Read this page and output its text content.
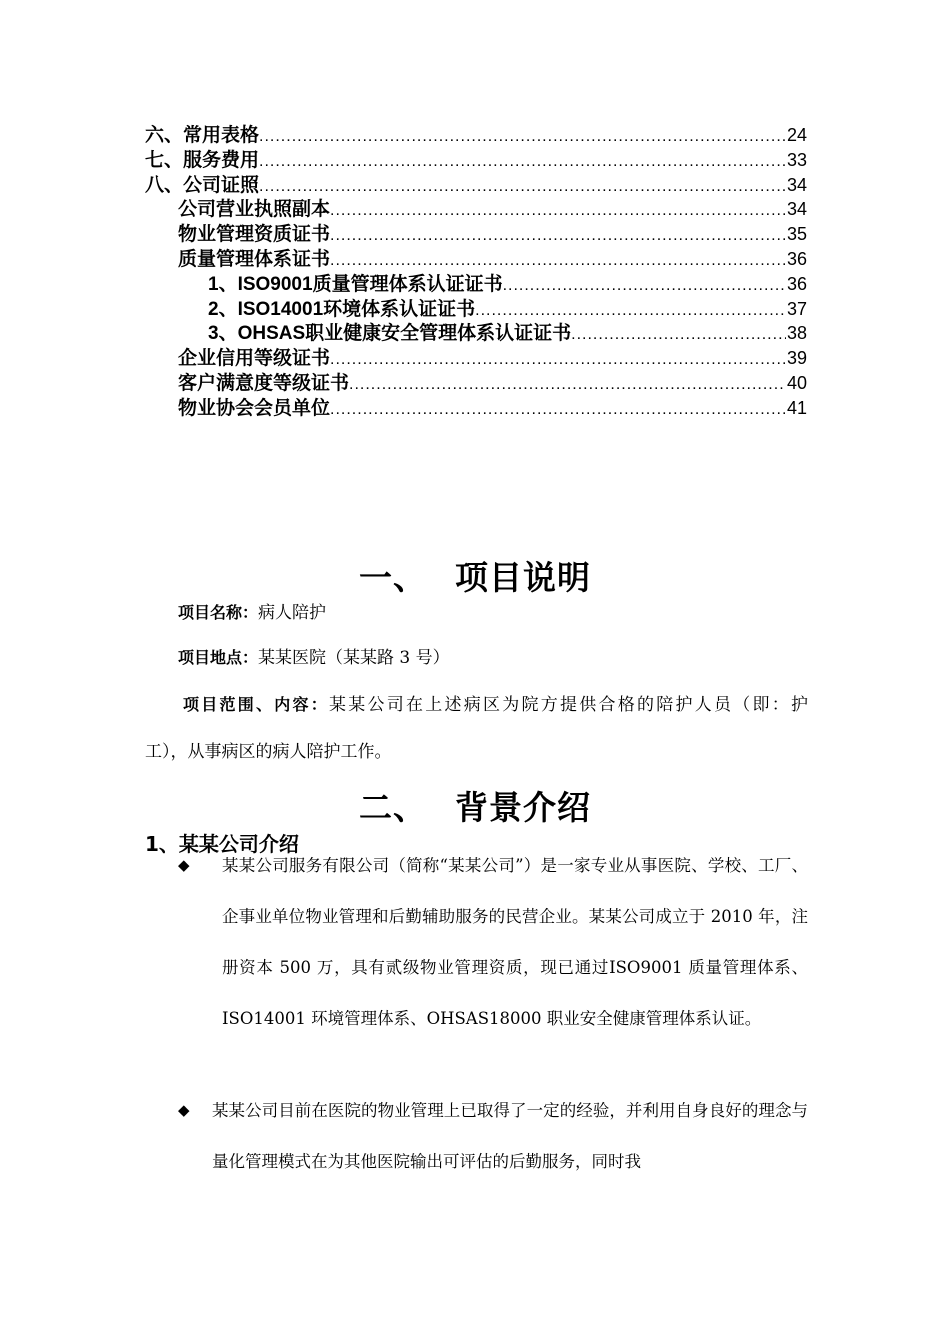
六、常用表格 .....	24
七、服务费用 .....	33
八、公司证照 .....	34
公司营业执照副本 .....	34
物业管理资质证书 .....	35
质量管理体系证书 .....	36
1、ISO9001质量管理体系认证证书 .....	36
2、ISO14001环境体系认证证书 .....	37
3、OHSAS职业健康安全管理体系认证证书 .....	38
企业信用等级证书 .....	39
客户满意度等级证书 .....	40
物业协会会员单位 .....	41
一、 项目说明
项目名称：病人陪护
项目地点：某某医院（某某路 3 号）
项目范围、内容：某某公司在上述病区为院方提供合格的陪护人员（即：护
工），从事病区的病人陪护工作。
二、 背景介绍
1、某某公司介绍
◆	某某公司服务有限公司（简称“某某公司”）是一家专业从事医院、学校、工厂、企事业单位物业管理和后勤辅助服务的民营企业。某某公司成立于 2010 年，注册资本 500 万，具有贰级物业管理资质，现已通过ISO9001 质量管理体系、ISO14001 环境管理体系、OHSAS18000 职业安全健康管理体系认证。
◆	某某公司目前在医院的物业管理上已取得了一定的经验，并利用自身良好的理念与量化管理模式在为其他医院输出可评估的后勤服务，同时我
